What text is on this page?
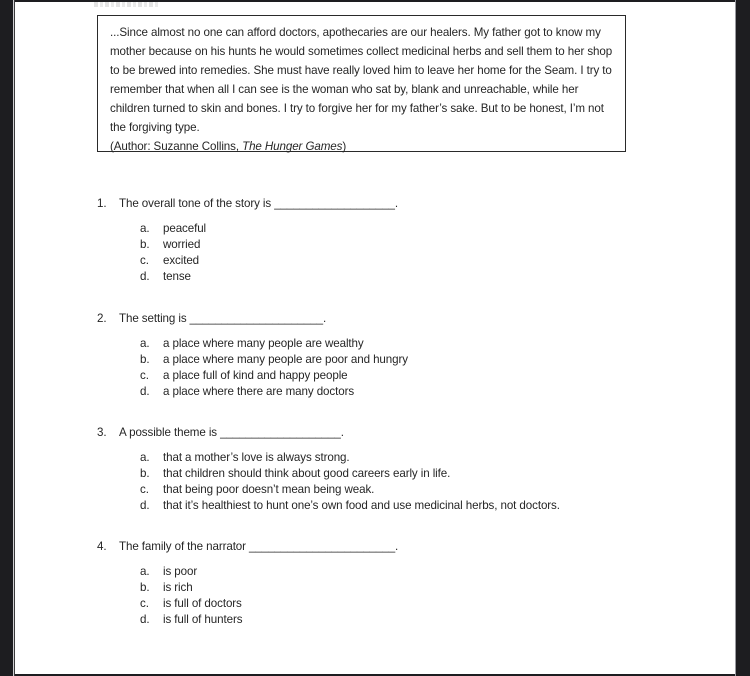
...Since almost no one can afford doctors, apothecaries are our healers. My father got to know my mother because on his hunts he would sometimes collect medicinal herbs and sell them to her shop to be brewed into remedies. She must have really loved him to leave her home for the Seam. I try to remember that when all I can see is the woman who sat by, blank and unreachable, while her children turned to skin and bones. I try to forgive her for my father’s sake. But to be honest, I’m not the forgiving type.
(Author: Suzanne Collins, The Hunger Games)
1.	The overall tone of the story is ___________________.
a.	peaceful
b.	worried
c.	excited
d.	tense
2.	The setting is _____________________.
a.	a place where many people are wealthy
b.	a place where many people are poor and hungry
c.	a place full of kind and happy people
d.	a place where there are many doctors
3.	A possible theme is ___________________.
a.	that a mother’s love is always strong.
b.	that children should think about good careers early in life.
c.	that being poor doesn’t mean being weak.
d.	that it’s healthiest to hunt one’s own food and use medicinal herbs, not doctors.
4.	The family of the narrator _______________________.
a.	is poor
b.	is rich
c.	is full of doctors
d.	is full of hunters
